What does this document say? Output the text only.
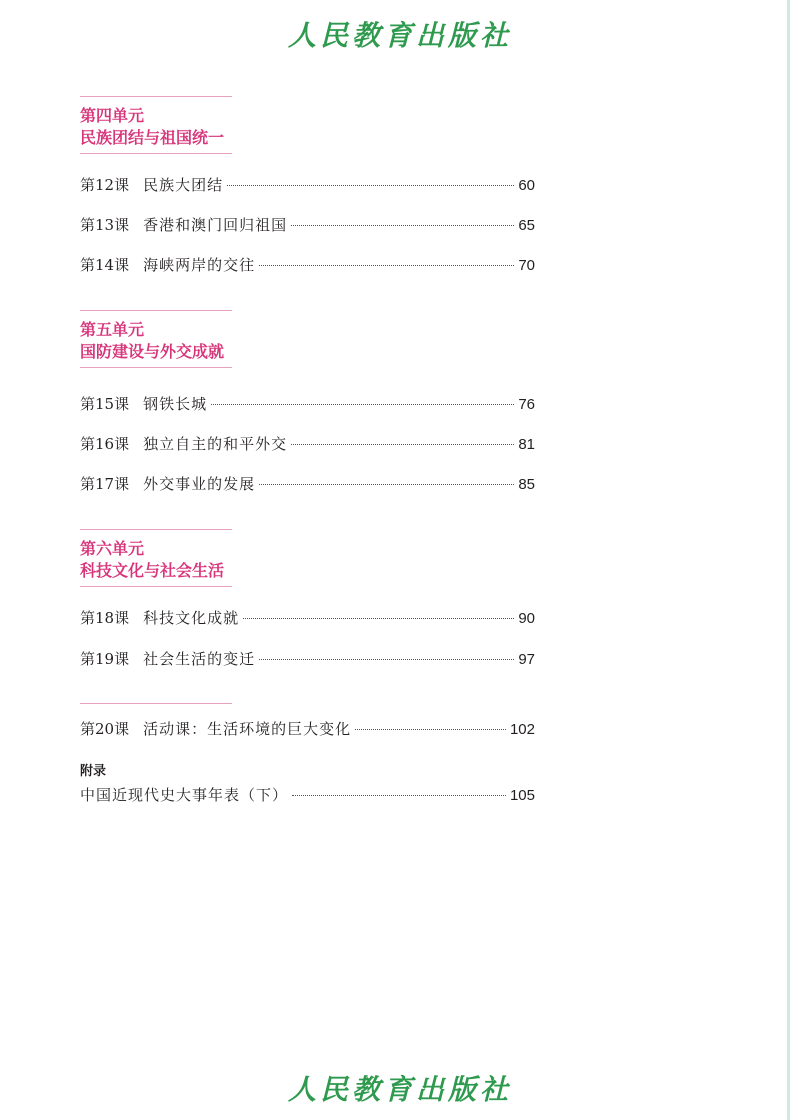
人民教育出版社
第四单元
民族团结与祖国统一
第12课 民族大团结	60
第13课 香港和澳门回归祖国	65
第14课 海峡两岸的交往	70
第五单元
国防建设与外交成就
第15课 钢铁长城	76
第16课 独立自主的和平外交	81
第17课 外交事业的发展	85
第六单元
科技文化与社会生活
第18课 科技文化成就	90
第19课 社会生活的变迁	97
第20课 活动课：生活环境的巨大变化	102
附录
中国近现代史大事年表（下）	105
人民教育出版社
